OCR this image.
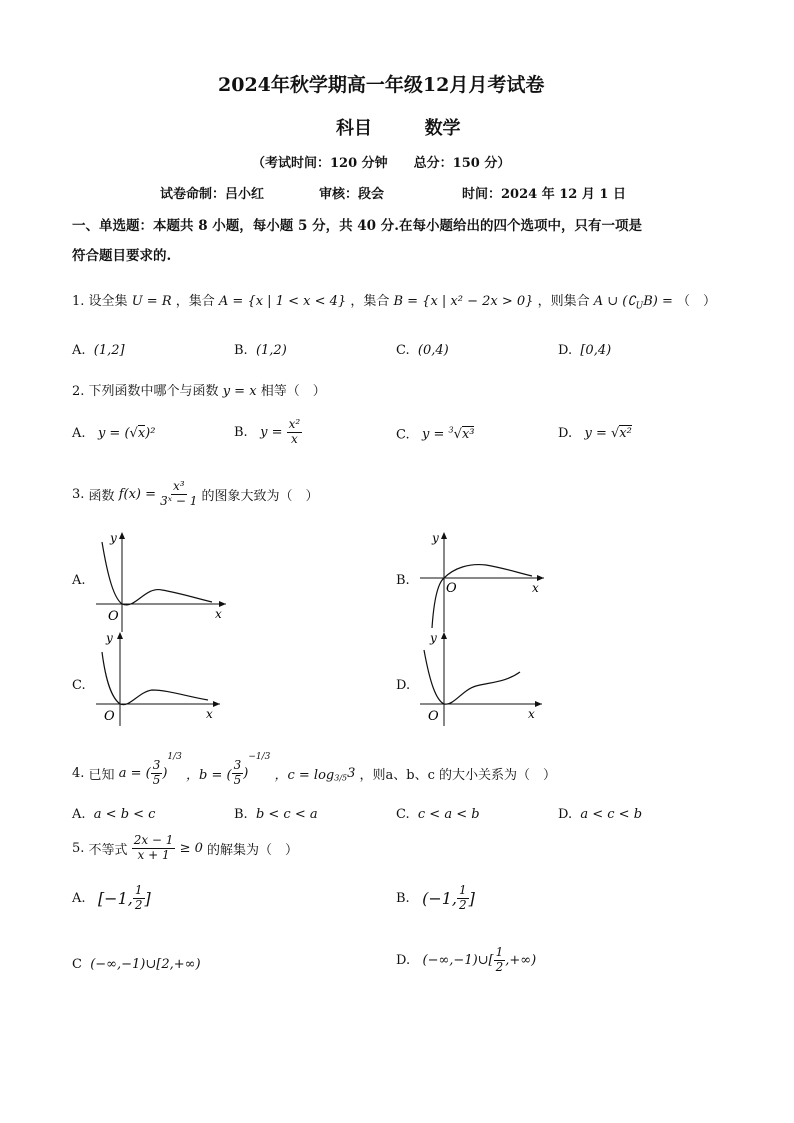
2024年秋学期高一年级12月月考试卷
科目	数学
（考试时间：120 分钟　　总分：150 分）
试卷命制：吕小红	审核：段会	时间：2024 年 12 月 1 日
一、单选题：本题共 8 小题，每小题 5 分，共 40 分.在每小题给出的四个选项中，只有一项是
符合题目要求的.
1. 设全集 U = R ，集合 A = {x | 1 < x < 4} ，集合 B = {x | x² − 2x > 0} ，则集合 A ∪ $(∁_UB)$ = （　）
A. (1,2]	B. (1,2)	C. (0,4)	D. [0,4)
2. 下列函数中哪个与函数 y = x 相等（　）
A. y = (√x)²	B. $y = \frac{\text{x²}}{x}$	C. y = $^3$√x³	D. y = √x²
3. 函数 $f(x) = \frac{\text{x³}}{\text{3ˣ − 1}}$ 的图象大致为（　）
A.
y
x
O
B.
y
x
O
C.
y
x
O
D.
y
x
O
4. 已知 a = ( $\frac{3}{5} )^{1/3}$ ，b = ( $\frac{3}{5} )^{-1/3}$ ，$c = \log_{3/5}3$ ，则a、b、c 的大小关系为（　）
A. a < b < c	B. b < c < a	C. c < a < b	D. a < c < b
5. 不等式 $\frac{2x - 1}{x + 1} \ge 0$ 的解集为（　）
A. [−1, $\frac{1}{2}$ ]	B. (−1, $\frac{1}{2}$ ]
C (−∞,−1)∪[2,+∞)	D. (−∞,−1)∪[ $\frac{1}{2}$ ,+∞)
